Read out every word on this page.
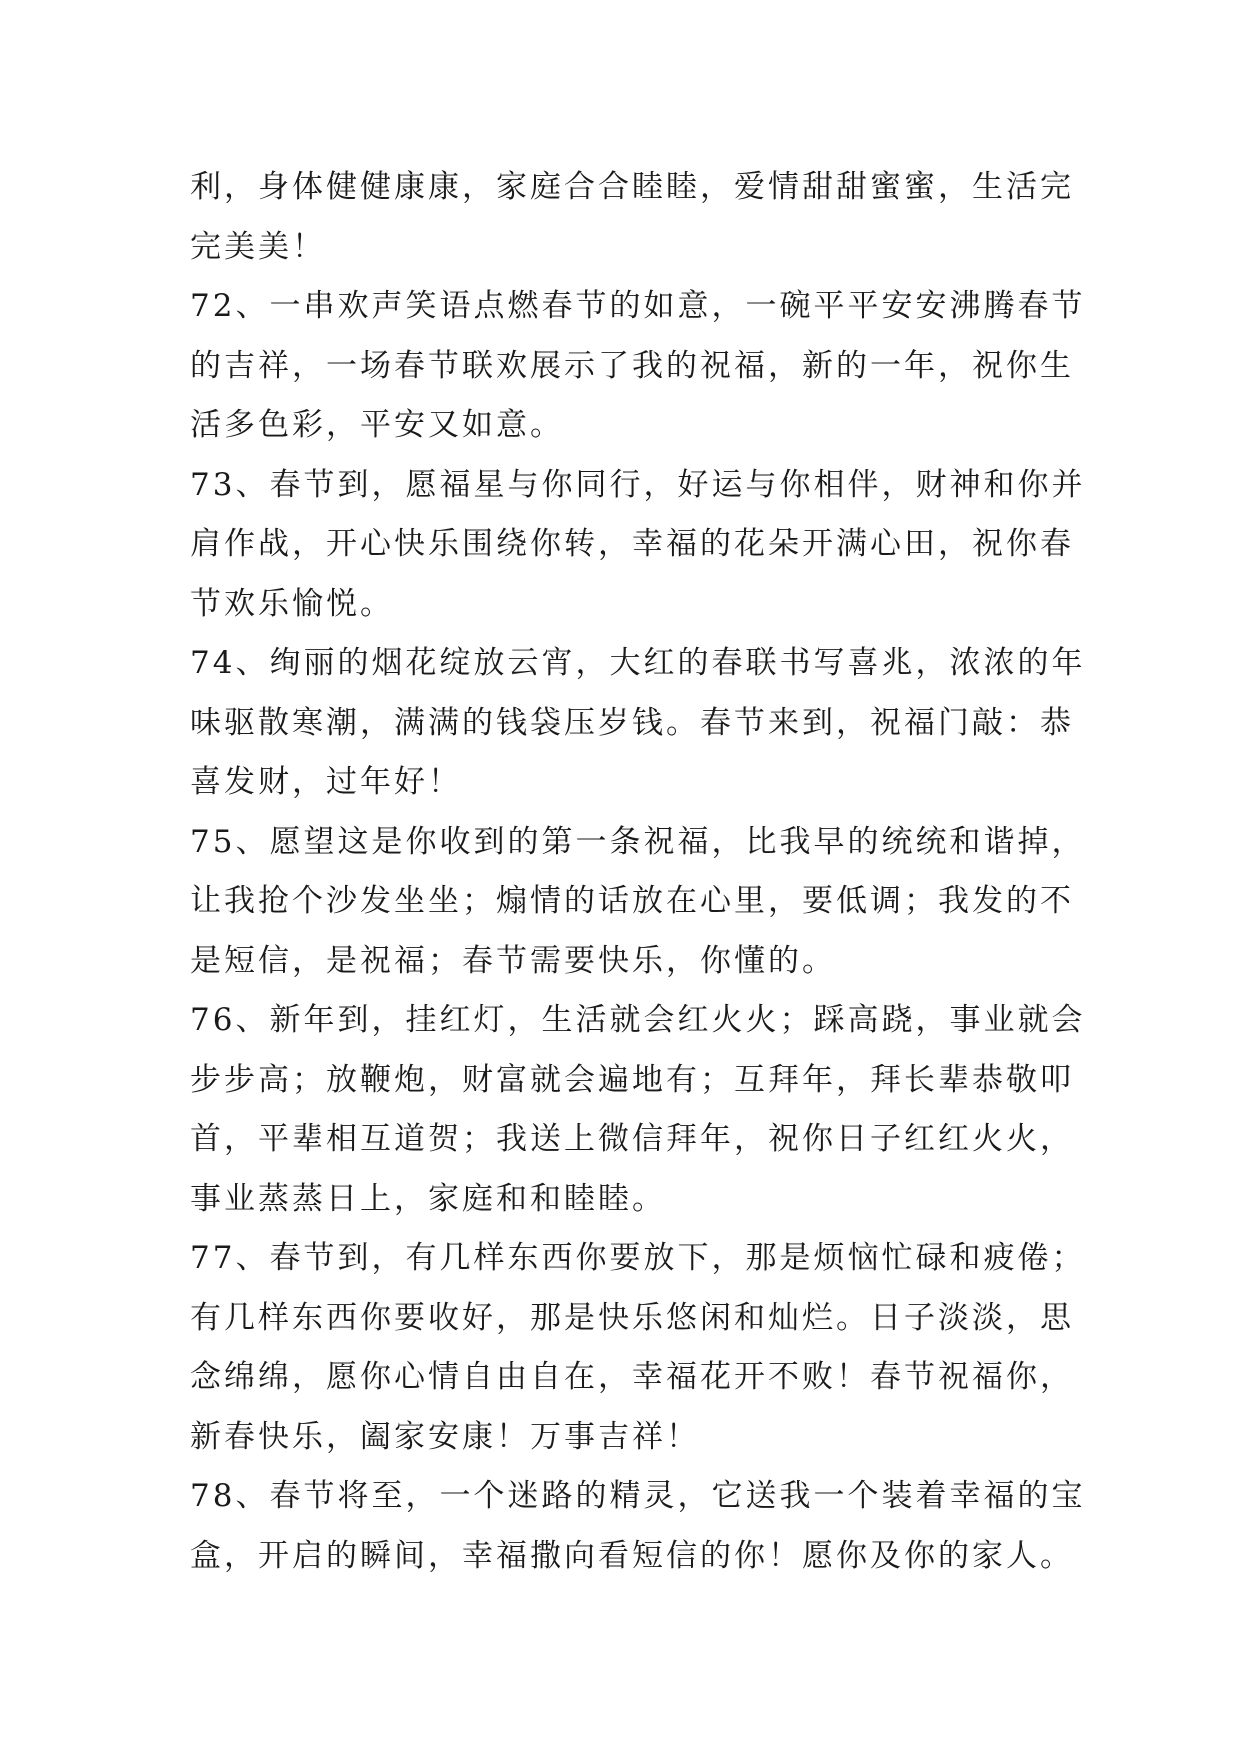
利，身体健健康康，家庭合合睦睦，爱情甜甜蜜蜜，生活完
完美美！

72、一串欢声笑语点燃春节的如意，一碗平平安安沸腾春节
的吉祥，一场春节联欢展示了我的祝福，新的一年，祝你生
活多色彩，平安又如意。

73、春节到，愿福星与你同行，好运与你相伴，财神和你并
肩作战，开心快乐围绕你转，幸福的花朵开满心田，祝你春
节欢乐愉悦。

74、绚丽的烟花绽放云宵，大红的春联书写喜兆，浓浓的年
味驱散寒潮，满满的钱袋压岁钱。春节来到，祝福门敲：恭
喜发财，过年好！

75、愿望这是你收到的第一条祝福，比我早的统统和谐掉，
让我抢个沙发坐坐；煽情的话放在心里，要低调；我发的不
是短信，是祝福；春节需要快乐，你懂的。

76、新年到，挂红灯，生活就会红火火；踩高跷，事业就会
步步高；放鞭炮，财富就会遍地有；互拜年，拜长辈恭敬叩
首，平辈相互道贺；我送上微信拜年，祝你日子红红火火，
事业蒸蒸日上，家庭和和睦睦。

77、春节到，有几样东西你要放下，那是烦恼忙碌和疲倦；
有几样东西你要收好，那是快乐悠闲和灿烂。日子淡淡，思
念绵绵，愿你心情自由自在，幸福花开不败！春节祝福你，
新春快乐，阖家安康！万事吉祥！

78、春节将至，一个迷路的精灵，它送我一个装着幸福的宝
盒，开启的瞬间，幸福撒向看短信的你！愿你及你的家人。
